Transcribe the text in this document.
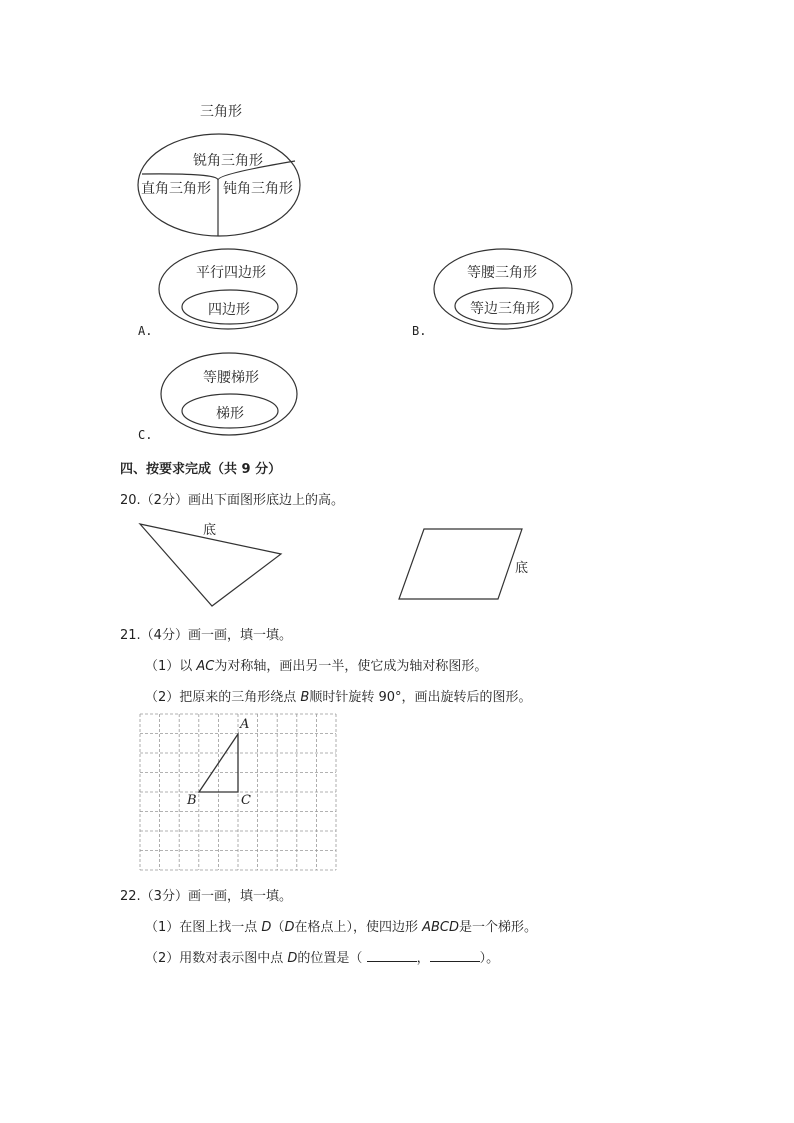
三角形
锐角三角形
直角三角形 钝角三角形
平行四边形
四边形
A.
等腰三角形
等边三角形
B.
等腰梯形
梯形
C.
四、按要求完成（共 9 分）
20.（2分）画出下面图形底边上的高。
底
底
21.（4分）画一画，填一填。
（1）以 AC为对称轴，画出另一半，使它成为轴对称图形。
（2）把原来的三角形绕点 B顺时针旋转 90°，画出旋转后的图形。
A
B	C
22.（3分）画一画，填一填。
（1）在图上找一点 D（D在格点上），使四边形 ABCD是一个梯形。
（2）用数对表示图中点 D的位置是（	，	）。
